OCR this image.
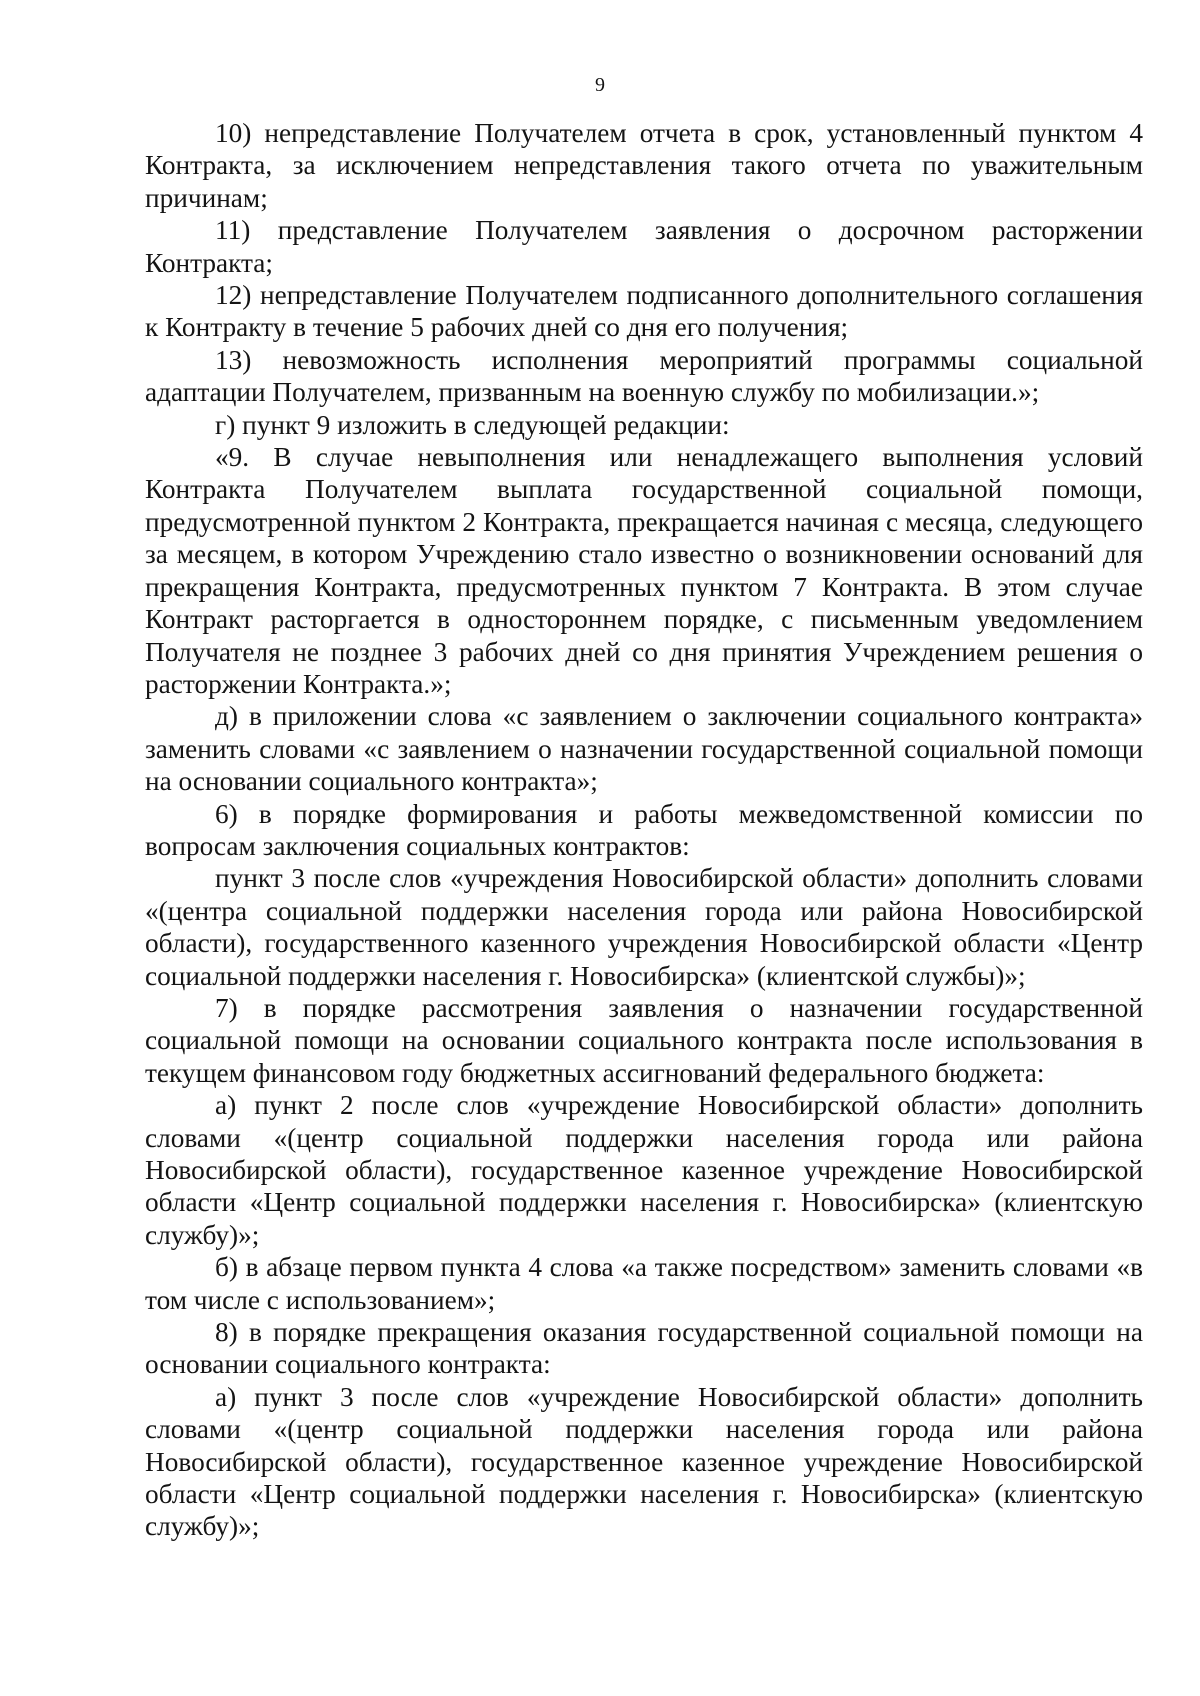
9

10) непредставление Получателем отчета в срок, установленный пунктом 4 Контракта, за исключением непредставления такого отчета по уважительным причинам;

11) представление Получателем заявления о досрочном расторжении Контракта;

12) непредставление Получателем подписанного дополнительного соглашения к Контракту в течение 5 рабочих дней со дня его получения;

13) невозможность исполнения мероприятий программы социальной адаптации Получателем, призванным на военную службу по мобилизации.»;

г) пункт 9 изложить в следующей редакции:

«9. В случае невыполнения или ненадлежащего выполнения условий Контракта Получателем выплата государственной социальной помощи, предусмотренной пунктом 2 Контракта, прекращается начиная с месяца, следующего за месяцем, в котором Учреждению стало известно о возникновении оснований для прекращения Контракта, предусмотренных пунктом 7 Контракта. В этом случае Контракт расторгается в одностороннем порядке, с письменным уведомлением Получателя не позднее 3 рабочих дней со дня принятия Учреждением решения о расторжении Контракта.»;

д) в приложении слова «с заявлением о заключении социального контракта» заменить словами «с заявлением о назначении государственной социальной помощи на основании социального контракта»;

6) в порядке формирования и работы межведомственной комиссии по вопросам заключения социальных контрактов:

пункт 3 после слов «учреждения Новосибирской области» дополнить словами «(центра социальной поддержки населения города или района Новосибирской области), государственного казенного учреждения Новосибирской области «Центр социальной поддержки населения г. Новосибирска» (клиентской службы)»;

7) в порядке рассмотрения заявления о назначении государственной социальной помощи на основании социального контракта после использования в текущем финансовом году бюджетных ассигнований федерального бюджета:

а) пункт 2 после слов «учреждение Новосибирской области» дополнить словами «(центр социальной поддержки населения города или района Новосибирской области), государственное казенное учреждение Новосибирской области «Центр социальной поддержки населения г. Новосибирска» (клиентскую службу)»;

б) в абзаце первом пункта 4 слова «а также посредством» заменить словами «в том числе с использованием»;

8) в порядке прекращения оказания государственной социальной помощи на основании социального контракта:

а) пункт 3 после слов «учреждение Новосибирской области» дополнить словами «(центр социальной поддержки населения города или района Новосибирской области), государственное казенное учреждение Новосибирской области «Центр социальной поддержки населения г. Новосибирска» (клиентскую службу)»;
